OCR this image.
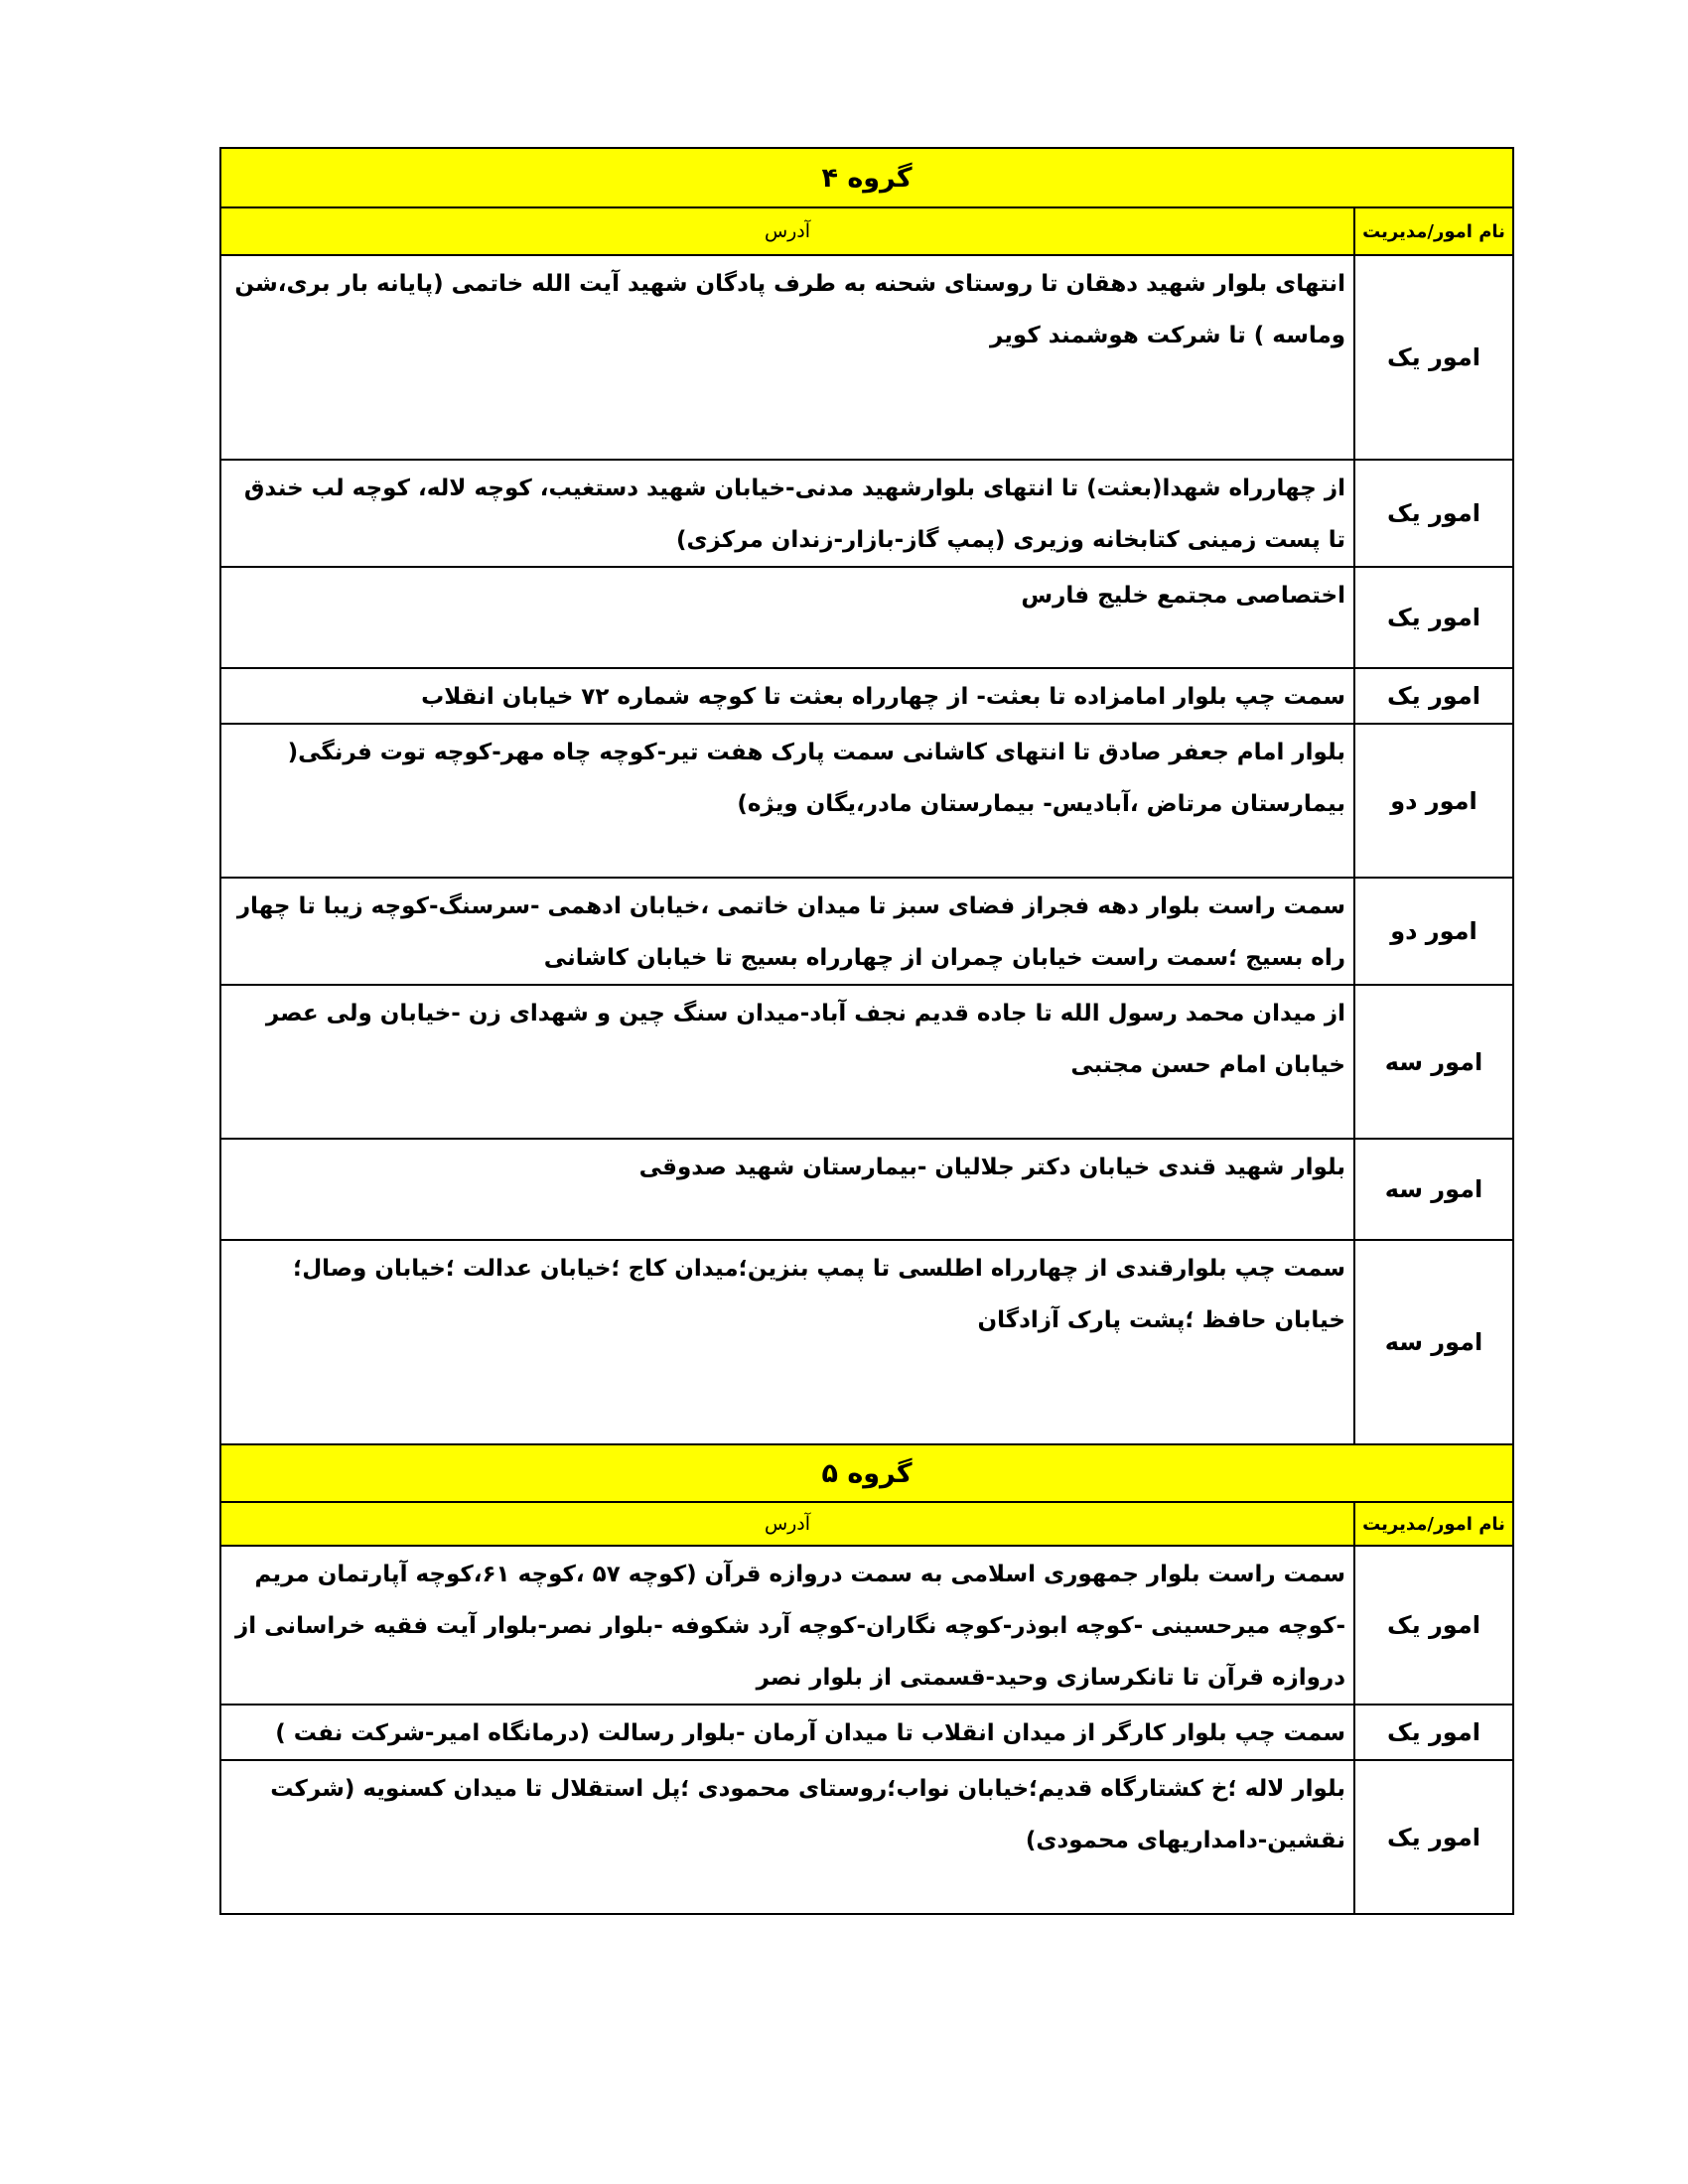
گروه ۴	
نام امور/مدیریت	آدرس
امور یک	انتهای بلوار شهید دهقان تا روستای شحنه به طرف پادگان شهید آیت الله خاتمی (پایانه بار بری،شن وماسه ) تا شرکت هوشمند کویر
امور یک	از چهارراه شهدا(بعثت) تا انتهای بلوارشهید مدنی-خیابان شهید دستغیب، کوچه لاله، کوچه لب خندق تا پست زمینی کتابخانه وزیری (پمپ گاز-بازار-زندان مرکزی)
امور یک	اختصاصی مجتمع خلیج فارس
امور یک	سمت چپ بلوار امامزاده تا بعثت- از چهارراه بعثت تا کوچه شماره ۷۲ خیابان انقلاب
امور دو	بلوار امام جعفر صادق تا انتهای کاشانی سمت پارک هفت تیر-کوچه چاه مهر-کوچه توت فرنگی( بیمارستان مرتاض ،آبادیس- بیمارستان مادر،یگان ویژه)
امور دو	سمت راست بلوار دهه فجراز فضای سبز تا میدان خاتمی ،خیابان ادهمی -سرسنگ-کوچه زیبا تا چهار راه بسیج ؛سمت راست خیابان چمران از چهارراه بسیج تا خیابان کاشانی
امور سه	از میدان محمد رسول الله تا جاده قدیم نجف آباد-میدان سنگ چین و شهدای زن -خیابان ولی عصر خیابان امام حسن مجتبی
امور سه	بلوار شهید قندی خیابان دکتر جلالیان -بیمارستان شهید صدوقی
امور سه	سمت چپ بلوارقندی از چهارراه اطلسی تا پمپ بنزین؛میدان کاج ؛خیابان عدالت ؛خیابان وصال؛خیابان حافظ ؛پشت پارک آزادگان
گروه ۵	
نام امور/مدیریت	آدرس
امور یک	سمت راست بلوار جمهوری اسلامی به سمت دروازه قرآن (کوچه ۵۷ ،کوچه ۶۱،کوچه آپارتمان مریم -کوچه میرحسینی -کوچه ابوذر-کوچه نگاران-کوچه آرد شکوفه -بلوار نصر-بلوار آیت فقیه خراسانی از دروازه قرآن تا تانکرسازی وحید-قسمتی از بلوار نصر
امور یک	سمت چپ بلوار کارگر از میدان انقلاب تا میدان آرمان -بلوار رسالت (درمانگاه امیر-شرکت نفت )
امور یک	بلوار لاله ؛خ کشتارگاه قدیم؛خیابان نواب؛روستای محمودی ؛پل استقلال تا میدان کسنویه (شرکت نقشین-دامداریهای محمودی)
